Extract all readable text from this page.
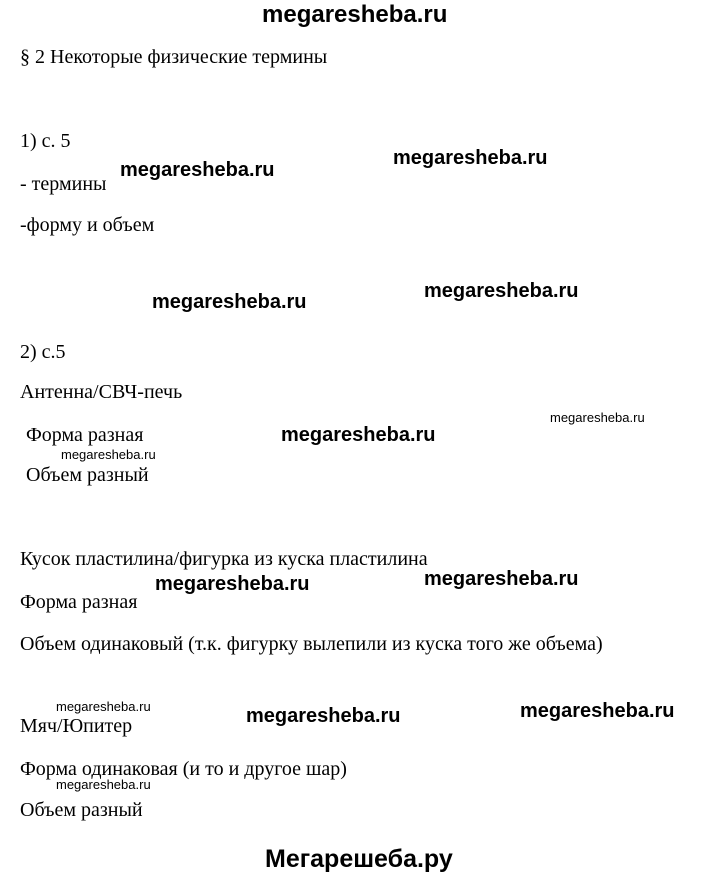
megaresheba.ru
§ 2 Некоторые физические термины
1) с. 5
megaresheba.ru
megaresheba.ru
- термины
-форму и объем
megaresheba.ru
megaresheba.ru
2) с.5
Антенна/СВЧ-печь
megaresheba.ru
Форма разная	megaresheba.ru
megaresheba.ru
Объем разный
Кусок пластилина/фигурка из куска пластилина
megaresheba.ru	megaresheba.ru
Форма разная
Объем одинаковый (т.к. фигурку вылепили из куска того же объема)
megaresheba.ru	megaresheba.ru	megaresheba.ru
Мяч/Юпитер
Форма одинаковая (и то и другое шар)
megaresheba.ru
Объем разный
Мегарешеба.ру
